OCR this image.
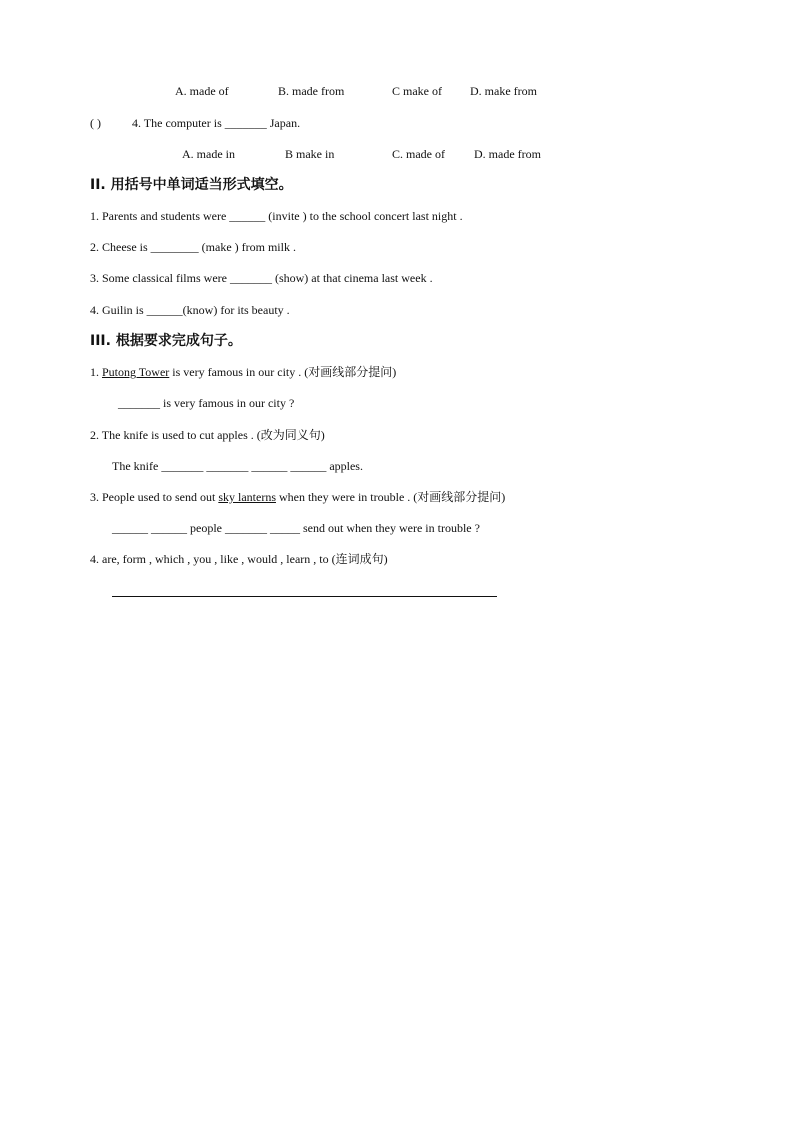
A. made of	B. made from	C make of D. make from
( )	4. The computer is _______ Japan.
A. made in	B make in	C. made of D. made from
II. 用括号中单词适当形式填空。
1. Parents and students were ______ (invite ) to the school concert last night .
2. Cheese is ________ (make ) from milk .
3. Some classical films were _______ (show) at that cinema last week .
4. Guilin is ______(know) for its beauty .
III. 根据要求完成句子。
1. Putong Tower is very famous in our city . (对画线部分提问)
_______ is very famous in our city ?
2. The knife is used to cut apples . (改为同义句)
The knife _______ _______ ______ ______ apples.
3. People used to send out sky lanterns when they were in trouble . (对画线部分提问)
______ ______ people _______ _____ send out when they were in trouble ?
4. are, form , which , you , like , would , learn , to (连词成句)
